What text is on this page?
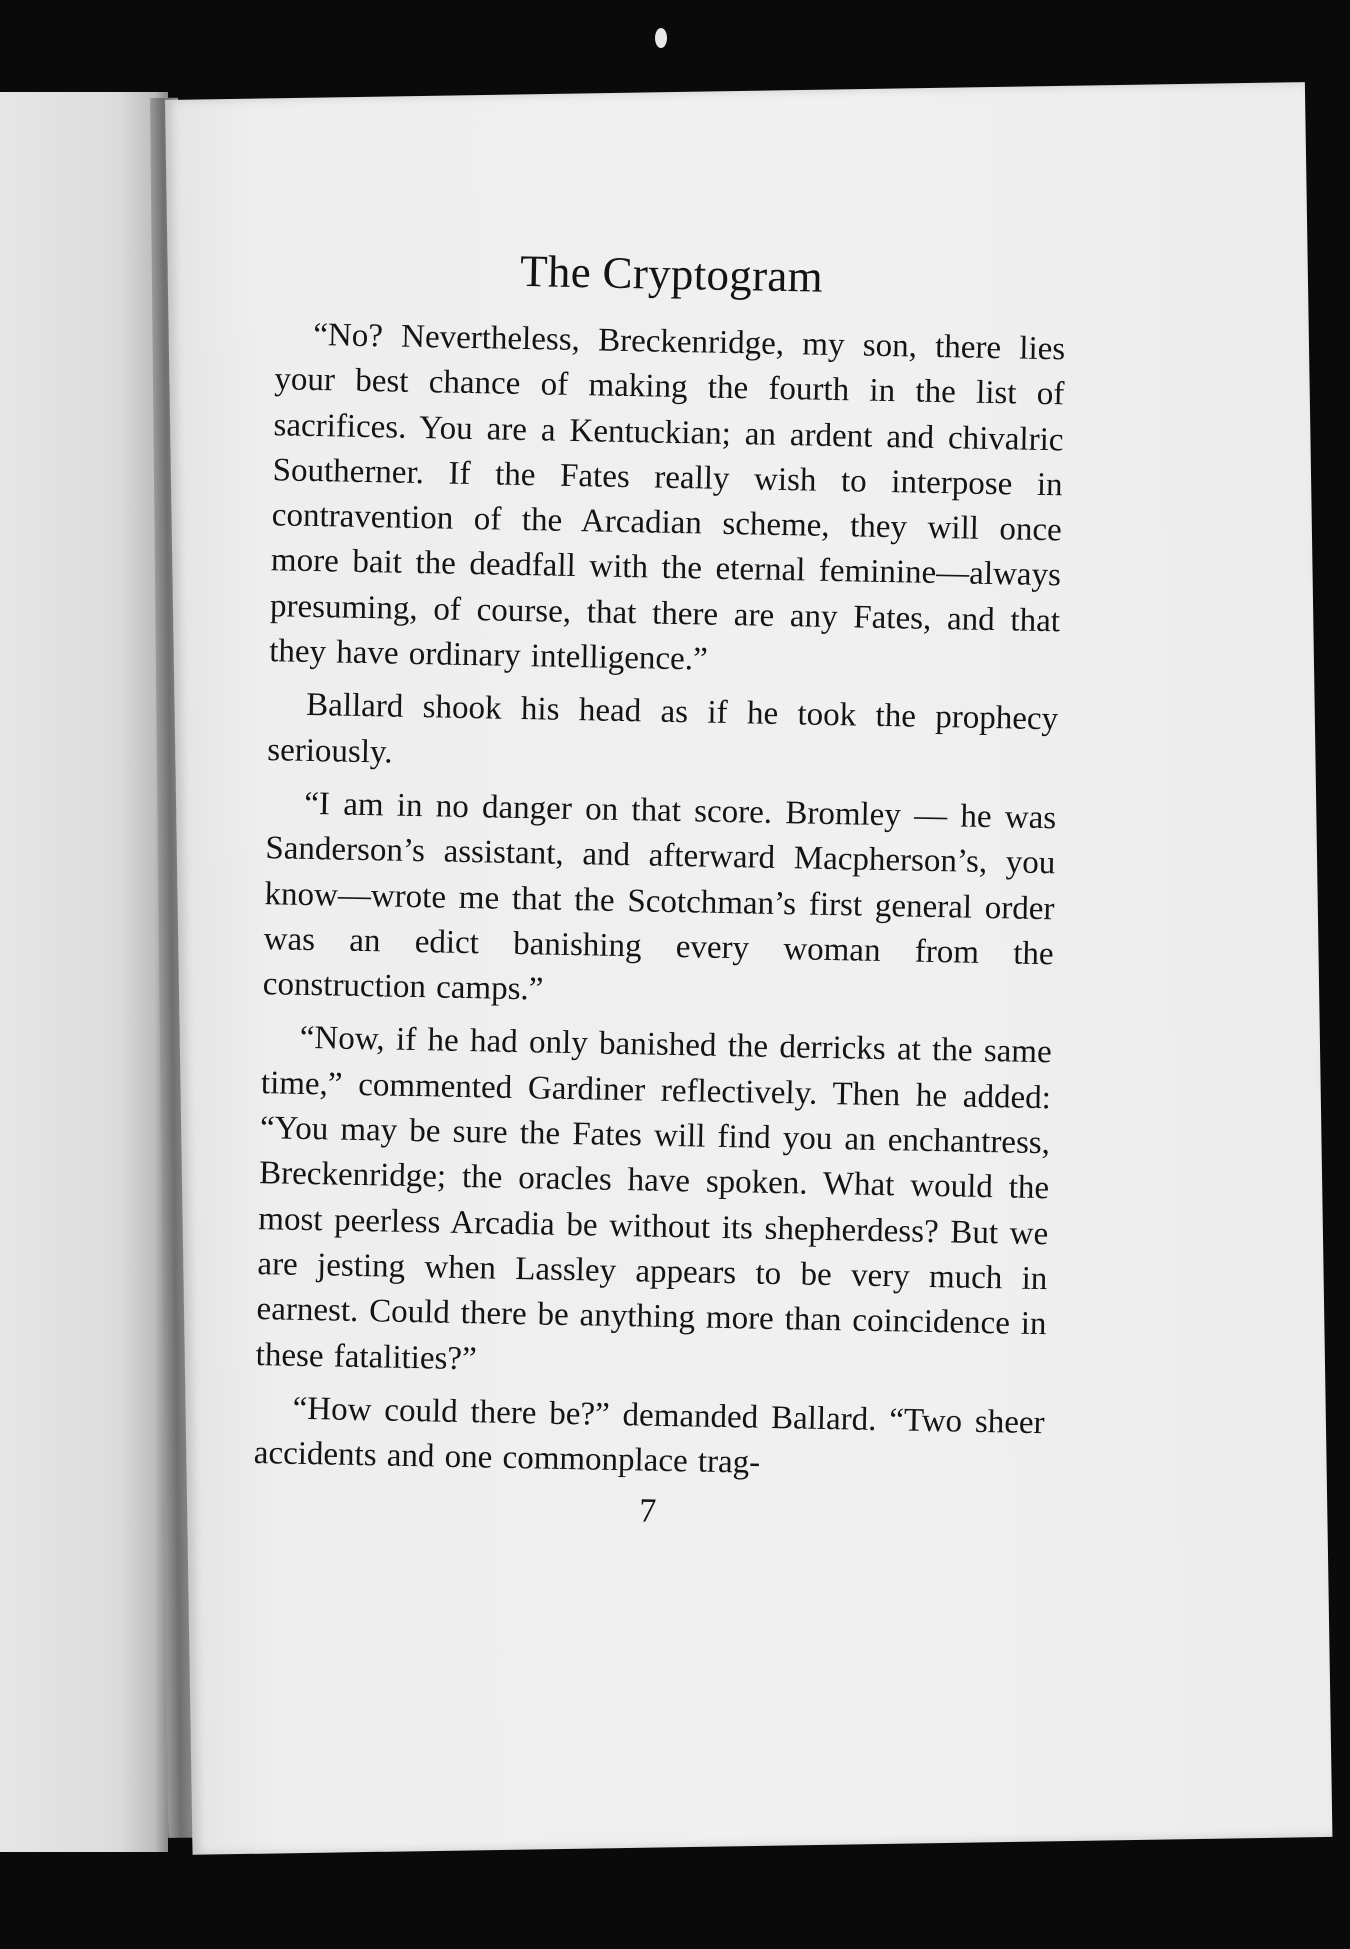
The Cryptogram

“No? Nevertheless, Breckenridge, my son, there lies your best chance of making the fourth in the list of sacrifices. You are a Kentuckian; an ardent and chivalric Southerner. If the Fates really wish to interpose in contravention of the Arcadian scheme, they will once more bait the deadfall with the eternal feminine—always presuming, of course, that there are any Fates, and that they have ordinary intelligence.”

Ballard shook his head as if he took the prophecy seriously.

“I am in no danger on that score. Bromley — he was Sanderson’s assistant, and afterward Macpherson’s, you know—wrote me that the Scotchman’s first general order was an edict banishing every woman from the construction camps.”

“Now, if he had only banished the derricks at the same time,” commented Gardiner reflectively. Then he added: “You may be sure the Fates will find you an enchantress, Breckenridge; the oracles have spoken. What would the most peerless Arcadia be without its shepherdess? But we are jesting when Lassley appears to be very much in earnest. Could there be anything more than coincidence in these fatalities?”

“How could there be?” demanded Ballard. “Two sheer accidents and one commonplace trag-

7
